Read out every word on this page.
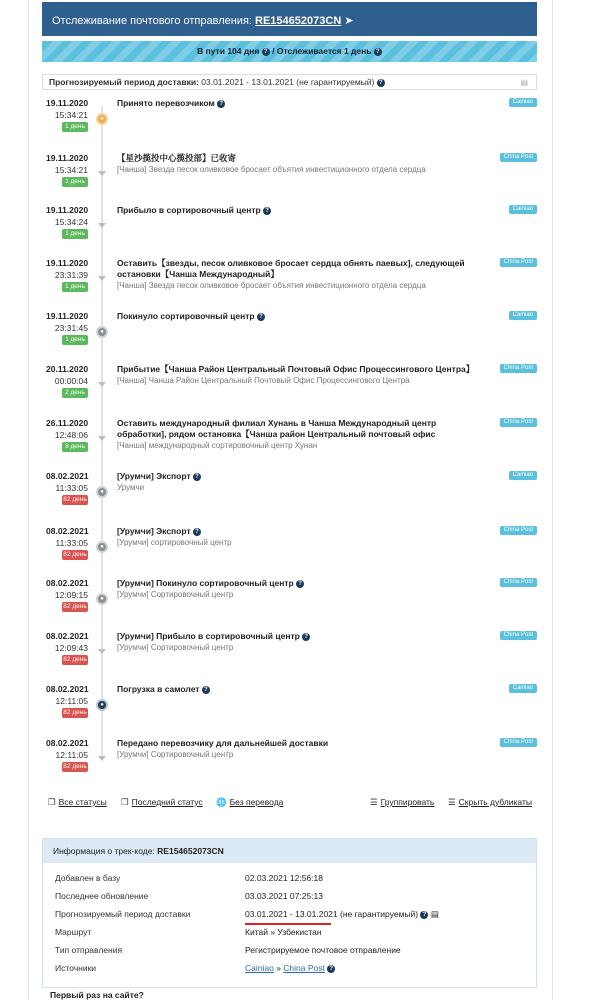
Отслеживание почтового отправления: RE154652073CN ➤
В пути 104 дня ? / Отслеживается 1 день ?
Прогнозируемый период доставки: 03.01.2021 - 13.01.2021 (не гарантируемый) ?	▤
19.11.2020
15:34:21
1 день
●
Принято перевозчиком ?	Cainiao
19.11.2020
15:34:21
1 день
【星沙揽投中心揽投部】已收寄
[Чанша] Звезда песок оливковое бросает объятия инвестиционного отдела сердца
China Post
19.11.2020
15:34:24
1 день
Прибыло в сортировочный центр ?	Cainiao
19.11.2020
23:31:39
1 день
Оставить【звезды, песок оливковое бросает сердца обнять паевых], следующей остановки【Чанша Международный】
[Чанша] Звезда песок оливковое бросает объятия инвестиционного отдела сердца
China Post
19.11.2020
23:31:45
1 день
●
Покинуло сортировочный центр ?	Cainiao
20.11.2020
00:00:04
2 день
Прибытие【Чанша Район Центральный Почтовый Офис Процессингового Центра】
[Чанша] Чанша Район Центральный Почтовый Офис Процессингового Центра
China Post
26.11.2020
12:48:06
8 день
Оставить международный филиал Хунань в Чанша Международный центр обработки], рядом остановка【Чанша район Центральный почтовый офис
[Чанша] международный сортировочный центр Хунан
China Post
08.02.2021
11:33:05
82 день
●
[Урумчи] Экспорт ?
Урумчи
Cainiao
08.02.2021
11:33:05
82 день
●
[Урумчи] Экспорт ?
[Урумчи] сортировочный центр
China Post
08.02.2021
12:09:15
82 день
●
[Урумчи] Покинуло сортировочный центр ?
[Урумчи] Сортировочный центр
China Post
08.02.2021
12:09:43
82 день
[Урумчи] Прибыло в сортировочный центр ?
[Урумчи] Сортировочный центр
China Post
08.02.2021
12:11:05
82 день
●
Погрузка в самолет ?	Cainiao
08.02.2021
12:11:05
82 день
Передано перевозчику для дальнейшей доставки
[Урумчи] Сортировочный центр
China Post
❐ Все статусы ❐ Последний статус 🌐 Без перевода	☰ Группировать ☰ Скрыть дубликаты
Информация о трек-коде: RE154652073CN
Добавлен в базу	02.03.2021 12:56:18
Последнее обновление	03.03.2021 07:25:13
Прогнозируемый период доставки	03.01.2021 - 13.01.2021 (не гарантируемый) ? ▤
Маршрут	Китай » Узбекистан
Тип отправления	Регистрируемое почтовое отправление
Источники	Cainiao » China Post ?
Первый раз на сайте?
